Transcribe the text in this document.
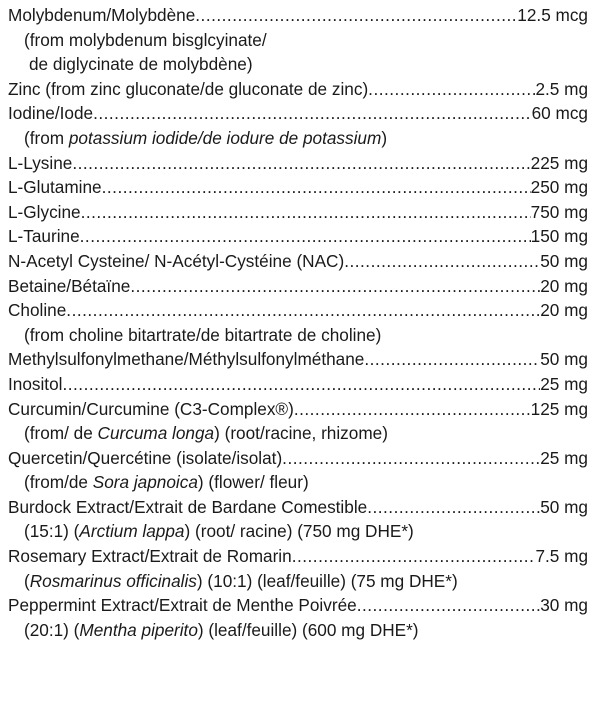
Molybdenum/Molybdène .....	12.5 mcg
(from molybdenum bisglcyinate/
de diglycinate de molybdène)
Zinc (from zinc gluconate/de gluconate de zinc) .....	2.5 mg
Iodine/Iode .....	60 mcg
(from potassium iodide/de iodure de potassium)
L-Lysine .....	225 mg
L-Glutamine .....	250 mg
L-Glycine .....	750 mg
L-Taurine .....	150 mg
N-Acetyl Cysteine/ N-Acétyl-Cystéine (NAC) .....	50 mg
Betaine/Bétaïne .....	20 mg
Choline .....	20 mg
(from choline bitartrate/de bitartrate de choline)
Methylsulfonylmethane/Méthylsulfonylméthane .....	50 mg
Inositol .....	25 mg
Curcumin/Curcumine (C3-Complex®) .....	125 mg
(from/ de Curcuma longa) (root/racine, rhizome)
Quercetin/Quercétine (isolate/isolat) .....	25 mg
(from/de Sora japnoica) (flower/ fleur)
Burdock Extract/Extrait de Bardane Comestible .....	50 mg
(15:1) (Arctium lappa) (root/ racine) (750 mg DHE*)
Rosemary Extract/Extrait de Romarin .....	7.5 mg
(Rosmarinus officinalis) (10:1) (leaf/feuille) (75 mg DHE*)
Peppermint Extract/Extrait de Menthe Poivrée .....	30 mg
(20:1) (Mentha piperito) (leaf/feuille) (600 mg DHE*)
